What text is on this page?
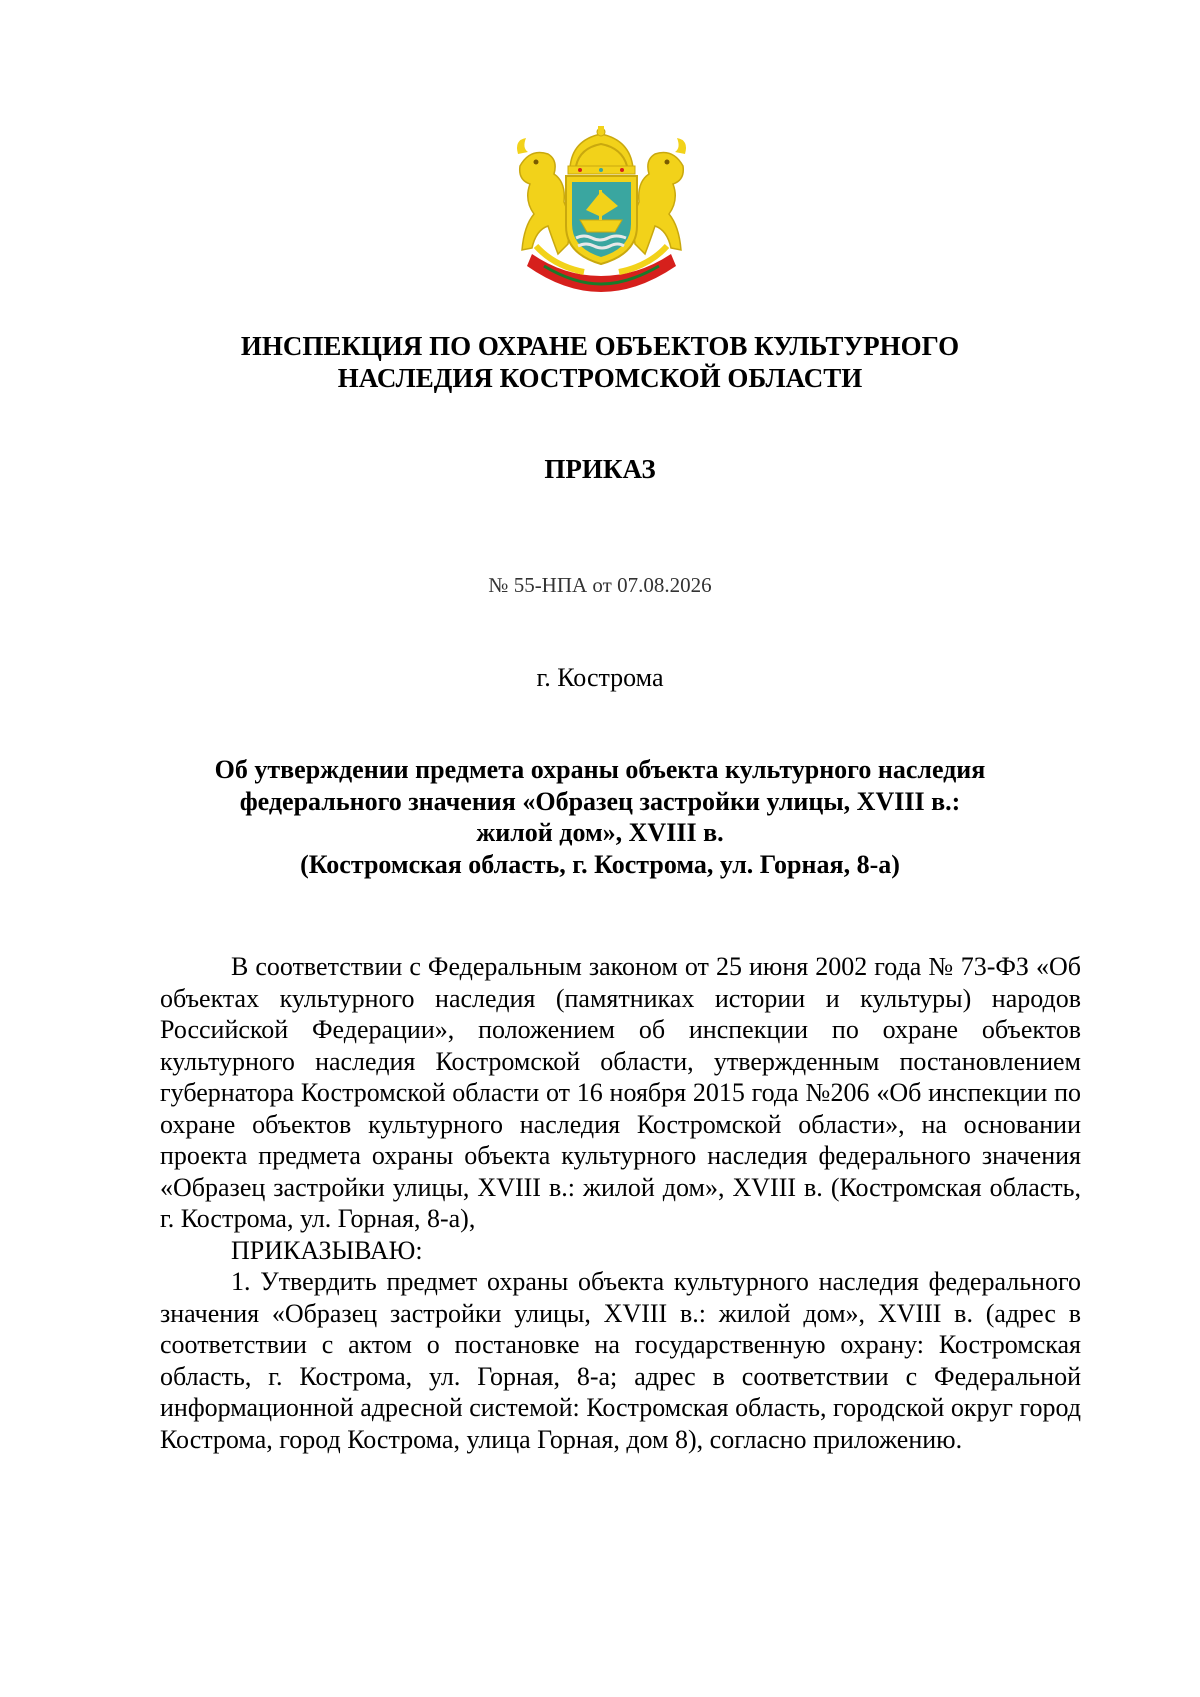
ИНСПЕКЦИЯ ПО ОХРАНЕ ОБЪЕКТОВ КУЛЬТУРНОГО
НАСЛЕДИЯ КОСТРОМСКОЙ ОБЛАСТИ
ПРИКАЗ
№ 55-НПА от 07.08.2026
г. Кострома
Об утверждении предмета охраны объекта культурного наследия
федерального значения «Образец застройки улицы, XVIII в.:
жилой дом», XVIII в.
(Костромская область, г. Кострома, ул. Горная, 8-а)

В соответствии с Федеральным законом от 25 июня 2002 года № 73-ФЗ «Об объектах культурного наследия (памятниках истории и культуры) народов Российской Федерации», положением об инспекции по охране объектов культурного наследия Костромской области, утвержденным постановлением губернатора Костромской области от 16 ноября 2015 года №206 «Об инспекции по охране объектов культурного наследия Костромской области», на основании проекта предмета охраны объекта культурного наследия федерального значения «Образец застройки улицы, XVIII в.: жилой дом», XVIII в. (Костромская область, г. Кострома, ул. Горная, 8-а),

ПРИКАЗЫВАЮ:

1. Утвердить предмет охраны объекта культурного наследия федерального значения «Образец застройки улицы, XVIII в.: жилой дом», XVIII в. (адрес в соответствии с актом о постановке на государственную охрану: Костромская область, г. Кострома, ул. Горная, 8-а; адрес в соответствии с Федеральной информационной адресной системой: Костромская область, городской округ город Кострома, город Кострома, улица Горная, дом 8), согласно приложению.
